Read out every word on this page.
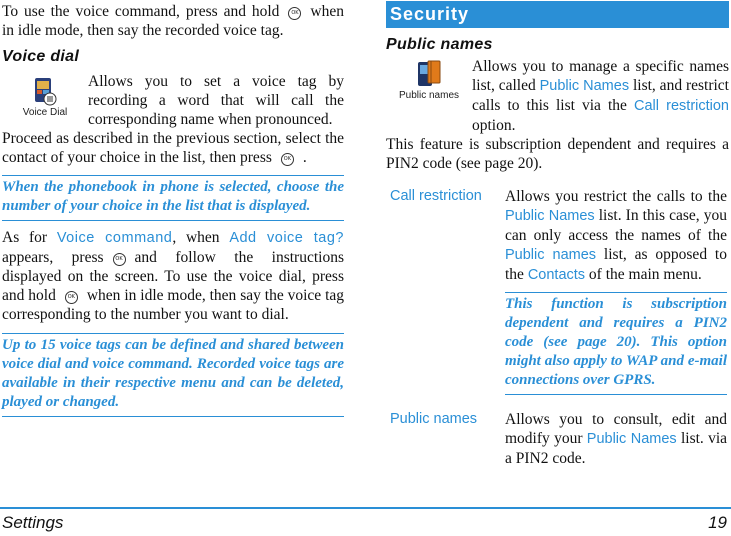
To use the voice command, press and hold OK when in idle mode, then say the recorded voice tag.

Voice dial

Voice Dial

Allows you to set a voice tag by recording a word that will call the corresponding name when pronounced.

Proceed as described in the previous section, select the contact of your choice in the list, then press OK .

When the phonebook in phone is selected, choose the number of your choice in the list that is displayed.

As for Voice command, when Add voice tag? appears, press OK and follow the instructions displayed on the screen. To use the voice dial, press and hold OK when in idle mode, then say the voice tag corresponding to the number you want to dial.

Up to 15 voice tags can be defined and shared between voice dial and voice command. Recorded voice tags are available in their respective menu and can be deleted, played or changed.

Security

Public names

Public names

Allows you to manage a specific names list, called Public Names list, and restrict calls to this list via the Call restriction option.

This feature is subscription dependent and requires a PIN2 code (see page 20).

Call restriction	Allows you restrict the calls to the Public Names list. In this case, you can only access the names of the Public names list, as opposed to the Contacts of the main menu.

This function is subscription dependent and requires a PIN2 code (see page 20). This option might also apply to WAP and e-mail connections over GPRS.

Public names	Allows you to consult, edit and modify your Public Names list. via a PIN2 code.

Settings	19
